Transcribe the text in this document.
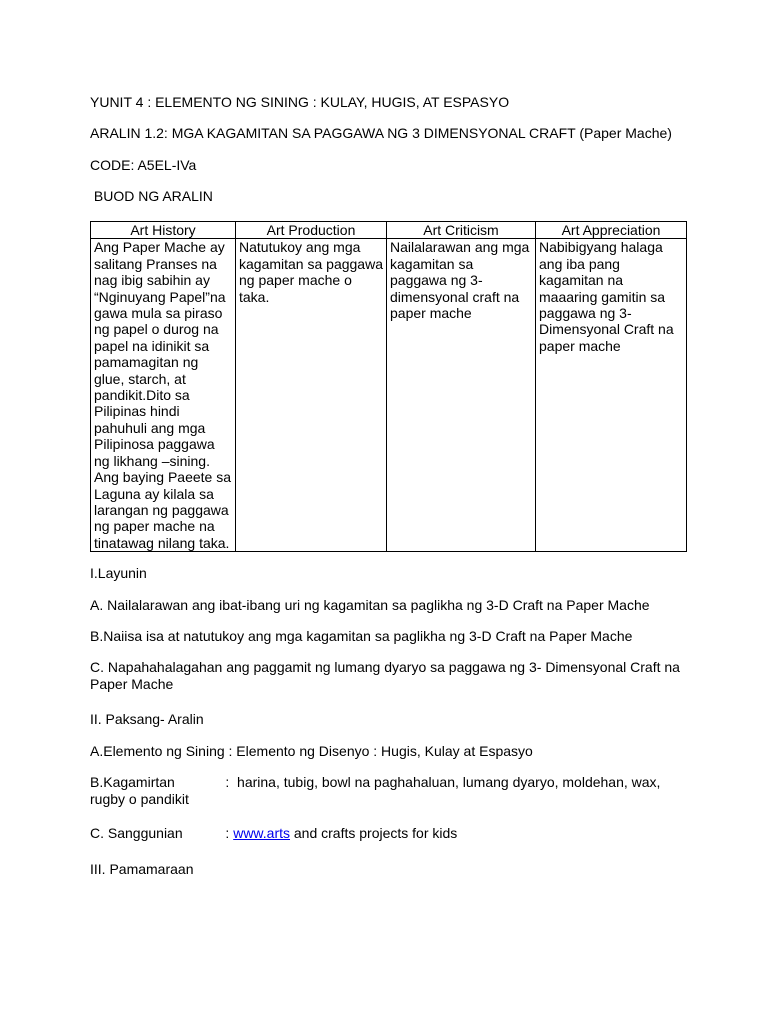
YUNIT 4 : ELEMENTO NG SINING : KULAY, HUGIS, AT ESPASYO
ARALIN 1.2: MGA KAGAMITAN SA PAGGAWA NG 3 DIMENSYONAL CRAFT (Paper Mache)
CODE: A5EL-IVa
BUOD NG ARALIN
Art History	Art Production	Art Criticism	Art Appreciation
Ang Paper Mache ay salitang Pranses na nag ibig sabihin ay “Nginuyang Papel”na gawa mula sa piraso ng papel o durog na papel na idinikit sa pamamagitan ng glue, starch, at pandikit.Dito sa Pilipinas hindi pahuhuli ang mga Pilipinosa paggawa ng likhang –sining. Ang baying Paeete sa Laguna ay kilala sa larangan ng paggawa ng paper mache na tinatawag nilang taka.	Natutukoy ang mga kagamitan sa paggawa ng paper mache o taka.	Nailalarawan ang mga kagamitan sa paggawa ng 3-dimensyonal craft na paper mache	Nabibigyang halaga ang iba pang kagamitan na maaaring gamitin sa paggawa ng 3-Dimensyonal Craft na paper mache
I.Layunin
A. Nailalarawan ang ibat-ibang uri ng kagamitan sa paglikha ng 3-D Craft na Paper Mache
B.Naiisa isa at natutukoy ang mga kagamitan sa paglikha ng 3-D Craft na Paper Mache
C. Napahahalagahan ang paggamit ng lumang dyaryo sa paggawa ng 3- Dimensyonal Craft na Paper Mache
II. Paksang- Aralin
A.Elemento ng Sining : Elemento ng Disenyo : Hugis, Kulay at Espasyo
B.Kagamirtan             :  harina, tubig, bowl na paghahaluan, lumang dyaryo, moldehan, wax, rugby o pandikit
C. Sanggunian           : www.arts and crafts projects for kids
III. Pamamaraan
